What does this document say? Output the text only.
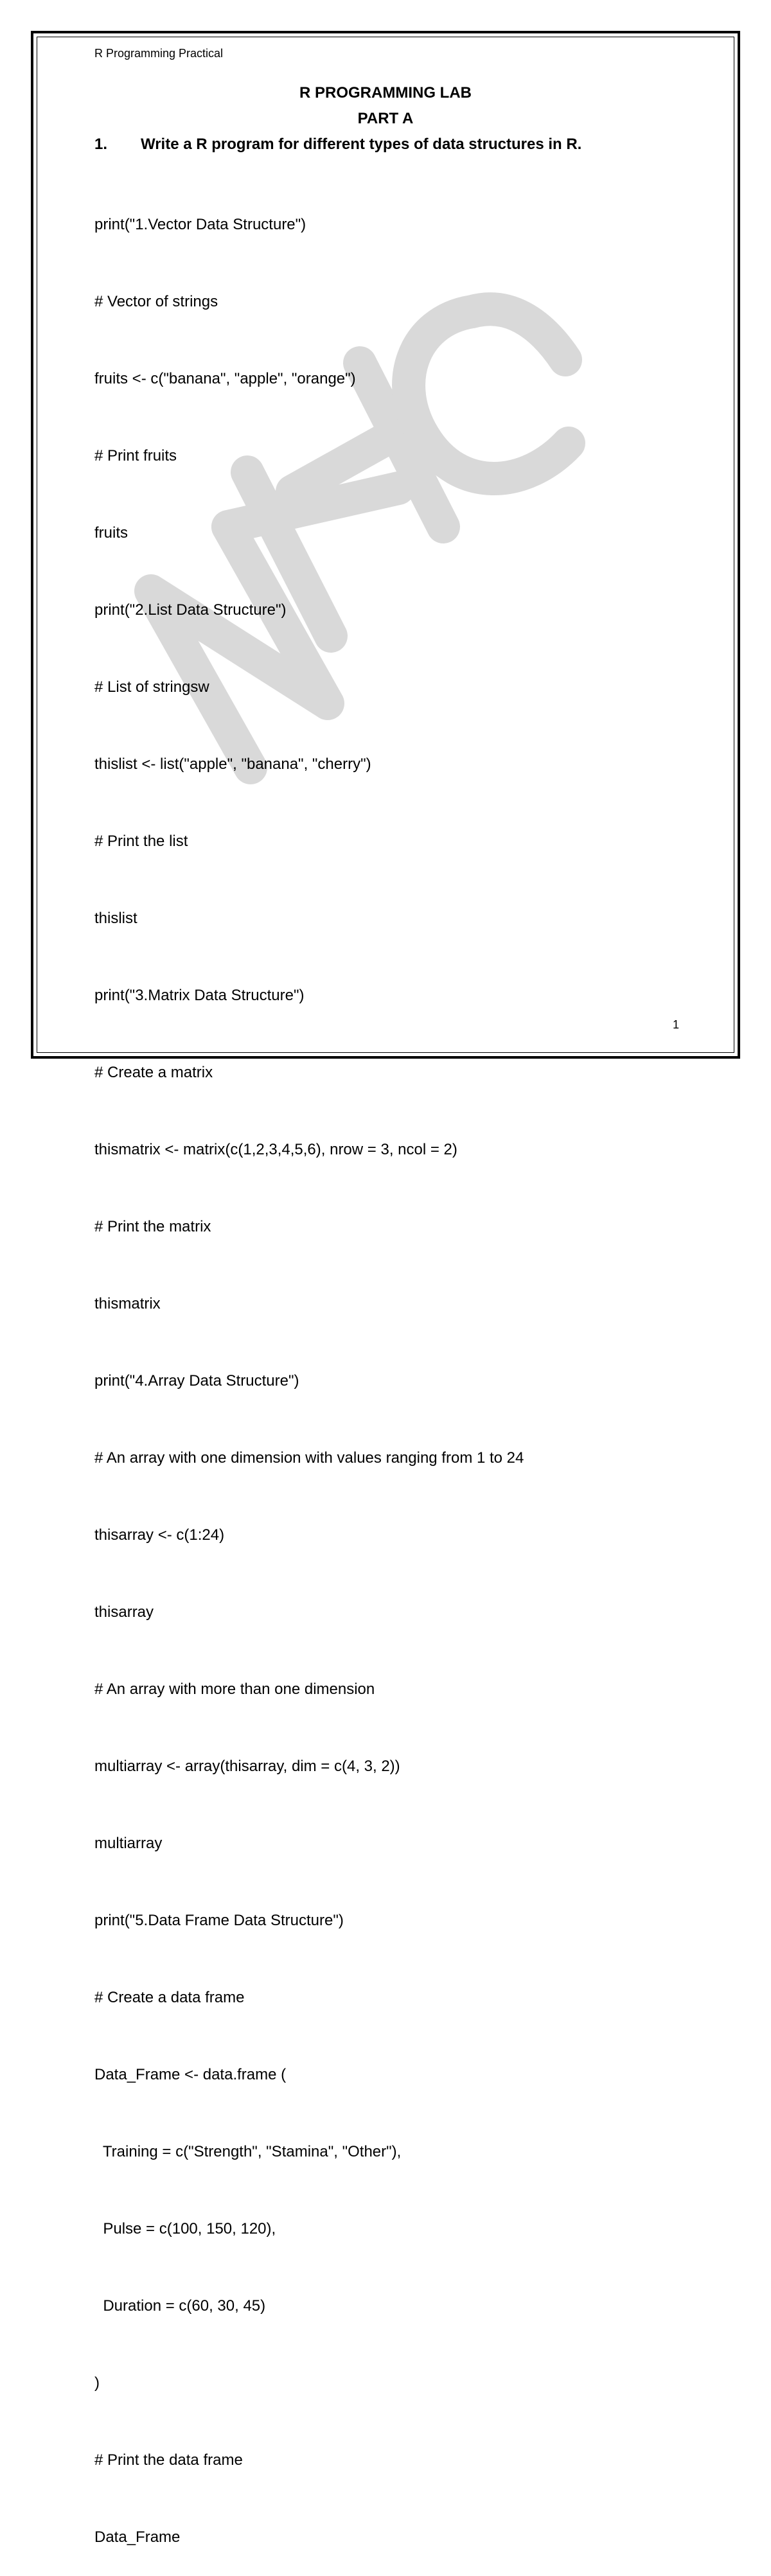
R Programming Practical
R PROGRAMMING LAB
PART A
1. Write a R program for different types of data structures in R.

print("1.Vector Data Structure")

# Vector of strings

fruits <- c("banana", "apple", "orange")

# Print fruits

fruits

print("2.List Data Structure")

# List of stringsw

thislist <- list("apple", "banana", "cherry")

# Print the list

thislist

print("3.Matrix Data Structure")

# Create a matrix

thismatrix <- matrix(c(1,2,3,4,5,6), nrow = 3, ncol = 2)

# Print the matrix

thismatrix

print("4.Array Data Structure")

# An array with one dimension with values ranging from 1 to 24

thisarray <- c(1:24)

thisarray

# An array with more than one dimension

multiarray <- array(thisarray, dim = c(4, 3, 2))

multiarray

print("5.Data Frame Data Structure")

# Create a data frame

Data_Frame <- data.frame (

Training = c("Strength", "Stamina", "Other"),

Pulse = c(100, 150, 120),

Duration = c(60, 30, 45)

)

# Print the data frame

Data_Frame

1
